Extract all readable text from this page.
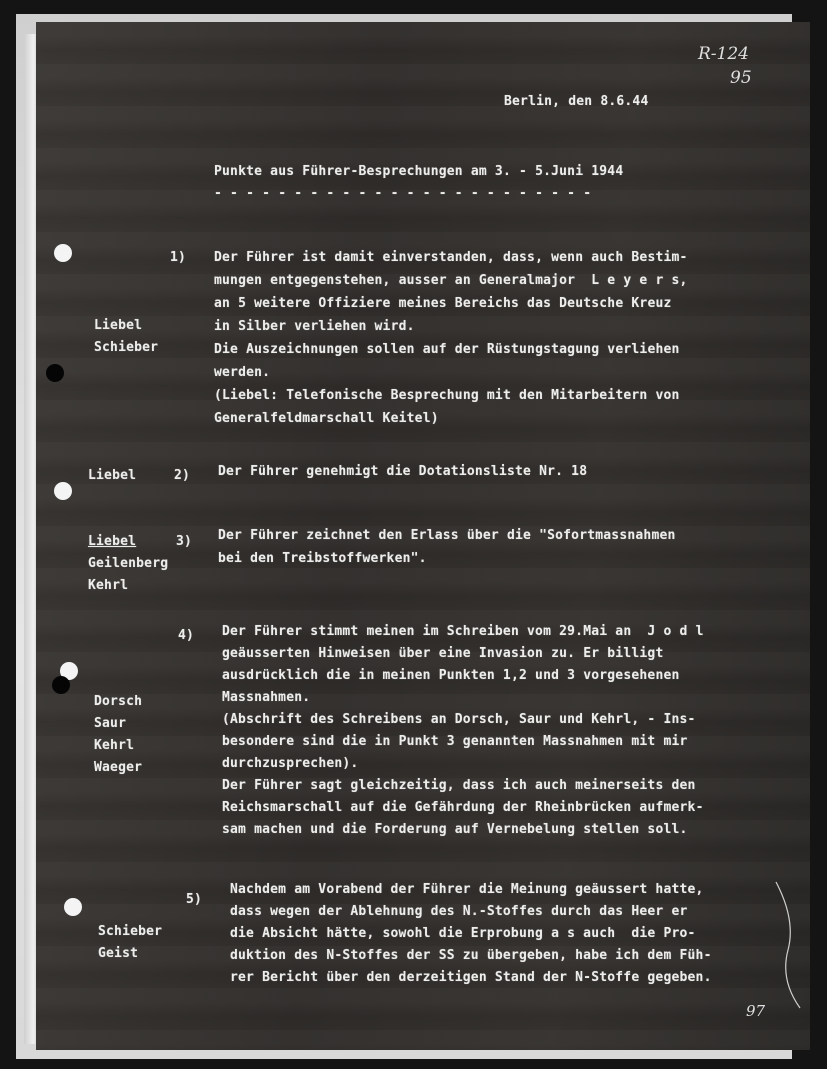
R-124
95
Berlin, den 8.6.44
Punkte aus Führer-Besprechungen am 3. - 5.Juni 1944
- - - - - - - - - - - - - - - - - - - - - - - -
1)
Liebel
Schieber

Der Führer ist damit einverstanden, dass, wenn auch Bestim-

mungen entgegenstehen, ausser an Generalmajor  L e y e r s,

an 5 weitere Offiziere meines Bereichs das Deutsche Kreuz

in Silber verliehen wird.

Die Auszeichnungen sollen auf der Rüstungstagung verliehen

werden.

(Liebel: Telefonische Besprechung mit den Mitarbeitern von

Generalfeldmarschall Keitel)

Liebel	2) Der Führer genehmigt die Dotationsliste Nr. 18
Liebel
Geilenberg
Kehrl
3)

Der Führer zeichnet den Erlass über die "Sofortmassnahmen

bei den Treibstoffwerken".

4)
Dorsch
Saur
Kehrl
Waeger

Der Führer stimmt meinen im Schreiben vom 29.Mai an  J o d l

geäusserten Hinweisen über eine Invasion zu. Er billigt

ausdrücklich die in meinen Punkten 1,2 und 3 vorgesehenen

Massnahmen.

(Abschrift des Schreibens an Dorsch, Saur und Kehrl, - Ins-

besondere sind die in Punkt 3 genannten Massnahmen mit mir

durchzusprechen).

Der Führer sagt gleichzeitig, dass ich auch meinerseits den

Reichsmarschall auf die Gefährdung der Rheinbrücken aufmerk-

sam machen und die Forderung auf Vernebelung stellen soll.

5)
Schieber
Geist

Nachdem am Vorabend der Führer die Meinung geäussert hatte,

dass wegen der Ablehnung des N.-Stoffes durch das Heer er

die Absicht hätte, sowohl die Erprobung a s auch  die Pro-

duktion des N-Stoffes der SS zu übergeben, habe ich dem Füh-

rer Bericht über den derzeitigen Stand der N-Stoffe gegeben.

97
